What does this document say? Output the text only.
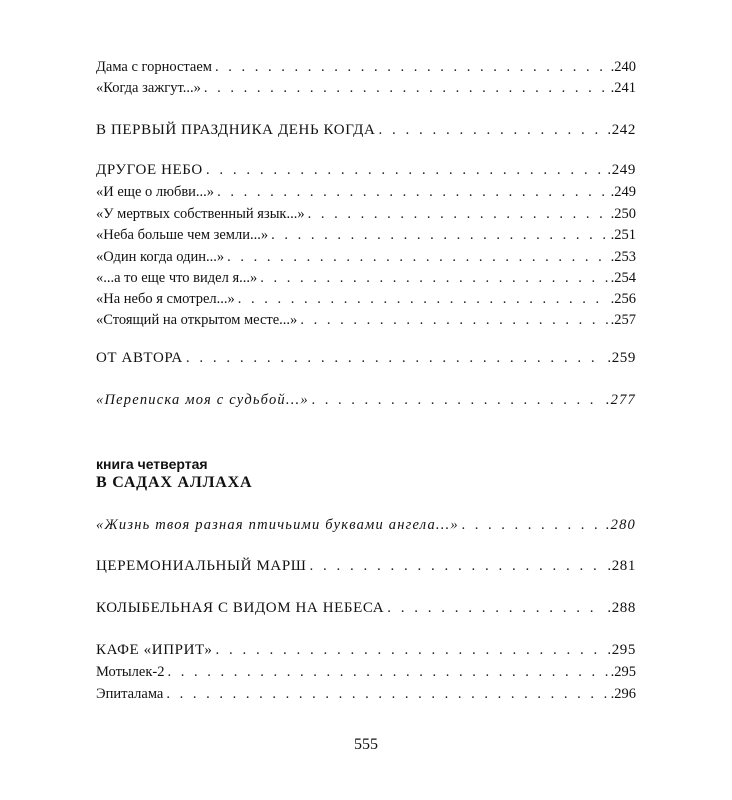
Дама с горностаем . . .	.240
«Когда зажгут...» . . .	.241
В ПЕРВЫЙ ПРАЗДНИКА ДЕНЬ КОГДА . . .	.242
ДРУГОЕ НЕБО . . .	.249
«И еще о любви...» . . .	.249
«У мертвых собственный язык...» . . .	.250
«Неба больше чем земли...» . . .	.251
«Один когда один...» . . .	.253
«...а то еще что видел я...» . . .	.254
«На небо я смотрел...» . . .	.256
«Стоящий на открытом месте...» . . .	.257
ОТ АВТОРА . . .	.259
«Переписка моя с судьбой...» . . .	.277
книга четвертая
В САДАХ АЛЛАХА
«Жизнь твоя разная птичьими буквами ангела...» . . .	.280
ЦЕРЕМОНИАЛЬНЫЙ МАРШ . . .	.281
КОЛЫБЕЛЬНАЯ С ВИДОМ НА НЕБЕСА . . .	.288
КАФЕ «ИПРИТ» . . .	.295
Мотылек-2 . . .	.295
Эпиталама . . .	.296
555
